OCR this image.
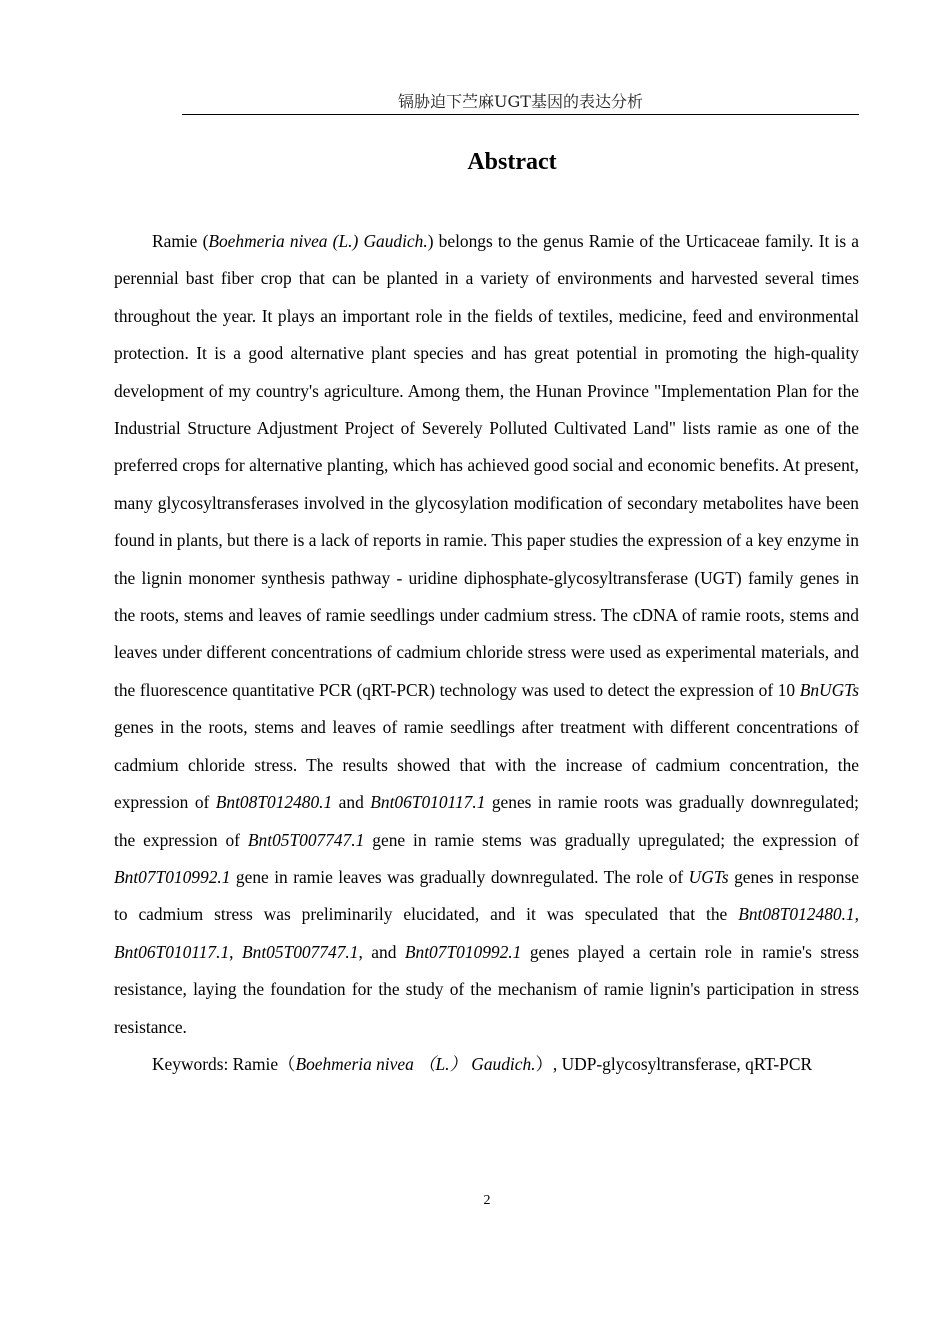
镉胁迫下苎麻UGT基因的表达分析
Abstract

Ramie (Boehmeria nivea (L.) Gaudich.) belongs to the genus Ramie of the Urticaceae family. It is a perennial bast fiber crop that can be planted in a variety of environments and harvested several times throughout the year. It plays an important role in the fields of textiles, medicine, feed and environmental protection. It is a good alternative plant species and has great potential in promoting the high-quality development of my country's agriculture. Among them, the Hunan Province "Implementation Plan for the Industrial Structure Adjustment Project of Severely Polluted Cultivated Land" lists ramie as one of the preferred crops for alternative planting, which has achieved good social and economic benefits. At present, many glycosyltransferases involved in the glycosylation modification of secondary metabolites have been found in plants, but there is a lack of reports in ramie. This paper studies the expression of a key enzyme in the lignin monomer synthesis pathway - uridine diphosphate-glycosyltransferase (UGT) family genes in the roots, stems and leaves of ramie seedlings under cadmium stress. The cDNA of ramie roots, stems and leaves under different concentrations of cadmium chloride stress were used as experimental materials, and the fluorescence quantitative PCR (qRT-PCR) technology was used to detect the expression of 10 BnUGTs genes in the roots, stems and leaves of ramie seedlings after treatment with different concentrations of cadmium chloride stress. The results showed that with the increase of cadmium concentration, the expression of Bnt08T012480.1 and Bnt06T010117.1 genes in ramie roots was gradually downregulated; the expression of Bnt05T007747.1 gene in ramie stems was gradually upregulated; the expression of Bnt07T010992.1 gene in ramie leaves was gradually downregulated. The role of UGTs genes in response to cadmium stress was preliminarily elucidated, and it was speculated that the Bnt08T012480.1, Bnt06T010117.1, Bnt05T007747.1, and Bnt07T010992.1 genes played a certain role in ramie's stress resistance, laying the foundation for the study of the mechanism of ramie lignin's participation in stress resistance.

Keywords: Ramie（Boehmeria nivea （L.） Gaudich.）, UDP-glycosyltransferase, qRT-PCR

2
